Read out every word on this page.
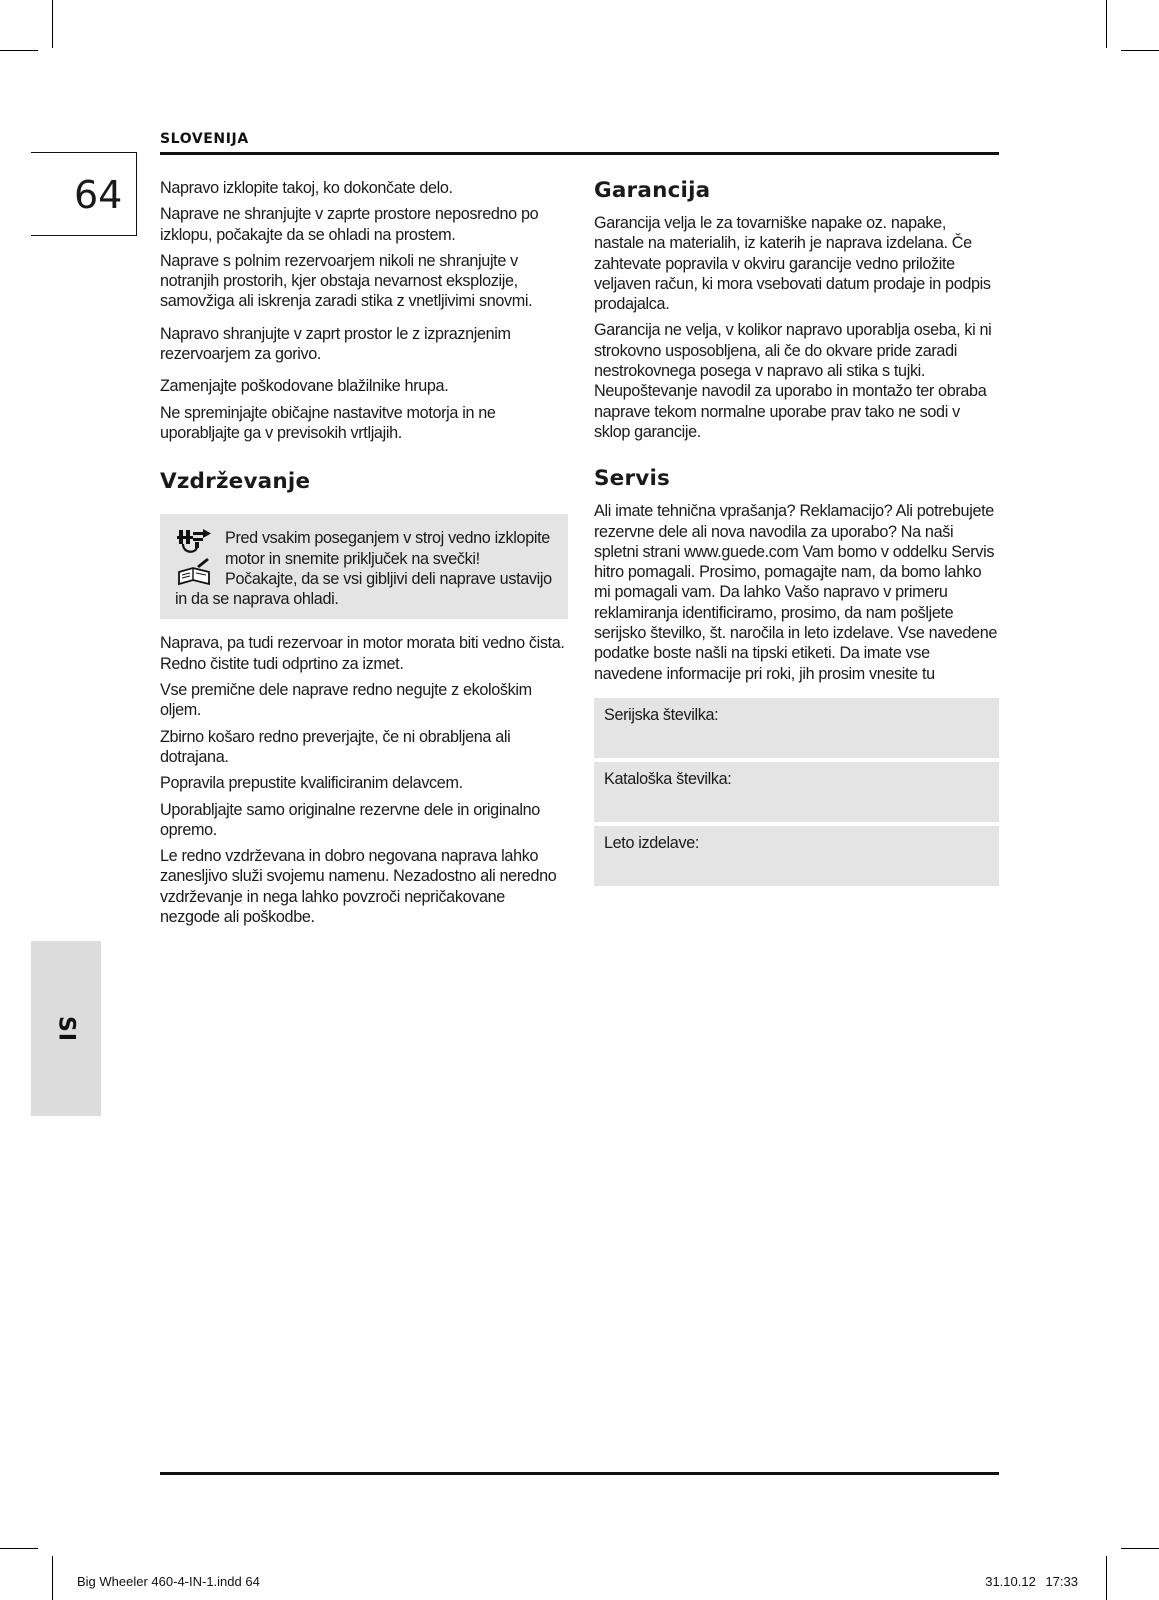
SLOVENIJA
64
SI

Napravo izklopite takoj, ko dokončate delo.

Naprave ne shranjujte v zaprte prostore neposredno po izklopu, počakajte da se ohladi na prostem.

Naprave s polnim rezervoarjem nikoli ne shranjujte v notranjih prostorih, kjer obstaja nevarnost eksplozije, samovžiga ali iskrenja zaradi stika z vnetljivimi snovmi.

Napravo shranjujte v zaprt prostor le z izpraznjenim rezervoarjem za gorivo.

Zamenjajte poškodovane blažilnike hrupa.

Ne spreminjajte običajne nastavitve motorja in ne uporabljajte ga v previsokih vrtljajih.

Vzdrževanje

Pred vsakim poseganjem v stroj vedno izklopite motor in snemite priključek na svečki! Počakajte, da se vsi gibljivi deli naprave ustavijo in da se naprava ohladi.

Naprava, pa tudi rezervoar in motor morata biti vedno čista. Redno čistite tudi odprtino za izmet.

Vse premične dele naprave redno negujte z ekološkim oljem.

Zbirno košaro redno preverjajte, če ni obrabljena ali dotrajana.

Popravila prepustite kvalificiranim delavcem.

Uporabljajte samo originalne rezervne dele in originalno opremo.

Le redno vzdrževana in dobro negovana naprava lahko zanesljivo služi svojemu namenu. Nezadostno ali neredno vzdrževanje in nega lahko povzroči nepričakovane nezgode ali poškodbe.

Garancija

Garancija velja le za tovarniške napake oz. napake, nastale na materialih, iz katerih je naprava izdelana. Če zahtevate popravila v okviru garancije vedno priložite veljaven račun, ki mora vsebovati datum prodaje in podpis prodajalca.

Garancija ne velja, v kolikor napravo uporablja oseba, ki ni strokovno usposobljena, ali če do okvare pride zaradi nestrokovnega posega v napravo ali stika s tujki. Neupoštevanje navodil za uporabo in montažo ter obraba naprave tekom normalne uporabe prav tako ne sodi v sklop garancije.

Servis

Ali imate tehnična vprašanja? Reklamacijo? Ali potrebujete rezervne dele ali nova navodila za uporabo? Na naši spletni strani www.guede.com Vam bomo v oddelku Servis hitro pomagali. Prosimo, pomagajte nam, da bomo lahko mi pomagali vam. Da lahko Vašo napravo v primeru reklamiranja identificiramo, prosimo, da nam pošljete serijsko številko, št. naročila in leto izdelave. Vse navedene podatke boste našli na tipski etiketi. Da imate vse navedene informacije pri roki, jih prosim vnesite tu

Serijska številka:
Kataloška številka:
Leto izdelave:
Big Wheeler 460-4-IN-1.indd 64	31.10.12 17:33
